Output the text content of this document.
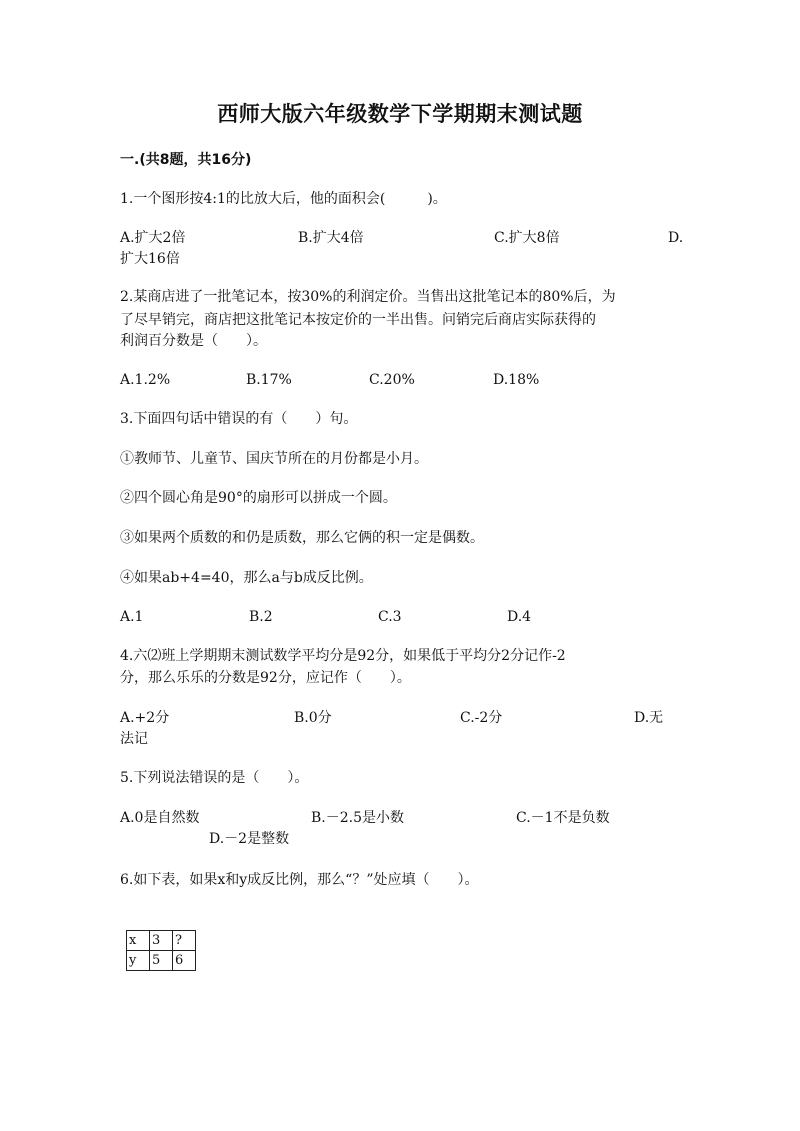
西师大版六年级数学下学期期末测试题
一.(共8题，共16分)
1.一个图形按4:1的比放大后，他的面积会(　　　)。
A.扩大2倍	B.扩大4倍	C.扩大8倍	D.
扩大16倍
2.某商店进了一批笔记本，按30%的利润定价。当售出这批笔记本的80%后，为
了尽早销完，商店把这批笔记本按定价的一半出售。问销完后商店实际获得的
利润百分数是（　　）。
A.1.2%	B.17%	C.20%	D.18%
3.下面四句话中错误的有（　　）句。
①教师节、儿童节、国庆节所在的月份都是小月。
②四个圆心角是90°的扇形可以拼成一个圆。
③如果两个质数的和仍是质数，那么它俩的积一定是偶数。
④如果ab+4=40，那么a与b成反比例。
A.1	B.2	C.3	D.4
4.六⑵班上学期期末测试数学平均分是92分，如果低于平均分2分记作-2
分，那么乐乐的分数是92分，应记作（　　）。
A.+2分	B.0分	C.-2分	D.无
法记
5.下列说法错误的是（　　）。
A.0是自然数	B.－2.5是小数	C.－1不是负数
D.－2是整数
6.如下表，如果x和y成反比例，那么“？”处应填（　　）。
x	3	?
y	5	6
